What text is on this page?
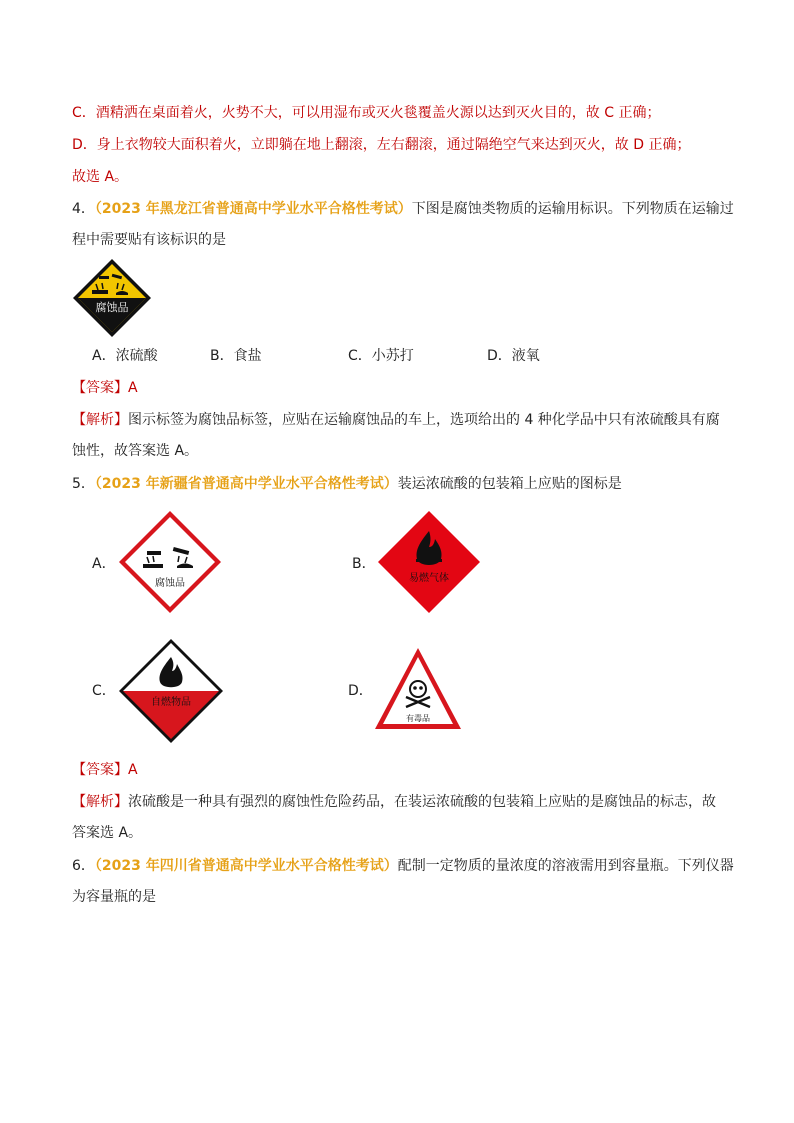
C．酒精洒在桌面着火，火势不大，可以用湿布或灭火毯覆盖火源以达到灭火目的，故 C 正确；
D．身上衣物较大面积着火，立即躺在地上翻滚，左右翻滚，通过隔绝空气来达到灭火，故 D 正确；
故选 A。
4．（2023 年黑龙江省普通高中学业水平合格性考试）下图是腐蚀类物质的运输用标识。下列物质在运输过
程中需要贴有该标识的是
腐蚀品
A．浓硫酸	B．食盐	C．小苏打	D．液氧
【答案】A
【解析】图示标签为腐蚀品标签，应贴在运输腐蚀品的车上，选项给出的 4 种化学品中只有浓硫酸具有腐
蚀性，故答案选 A。
5．（2023 年新疆省普通高中学业水平合格性考试）装运浓硫酸的包装箱上应贴的图标是
A．
腐蚀品
B．
易燃气体
C．
自燃物品
D．
有毒品
【答案】A
【解析】浓硫酸是一种具有强烈的腐蚀性危险药品，在装运浓硫酸的包装箱上应贴的是腐蚀品的标志，故
答案选 A。
6．（2023 年四川省普通高中学业水平合格性考试）配制一定物质的量浓度的溶液需用到容量瓶。下列仪器
为容量瓶的是
